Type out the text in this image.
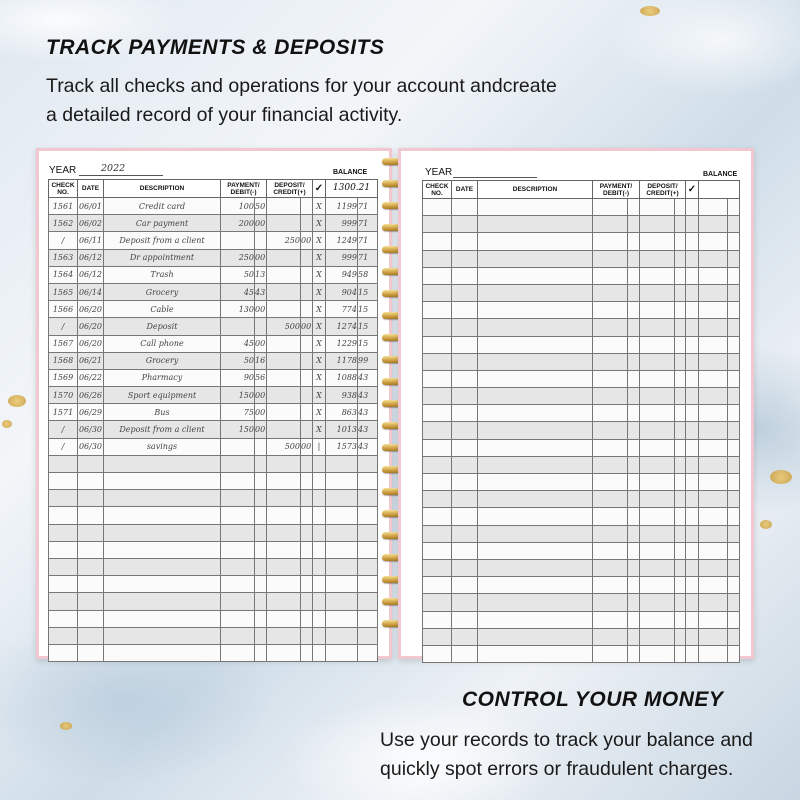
TRACK PAYMENTS & DEPOSITS
Track all checks and operations for your account andcreate
a detailed record of your financial activity.
YEAR	2022	BALANCE
CHECK NO.	DATE	DESCRIPTION	PAYMENT/ DEBIT(-)		DEPOSIT/ CREDIT(+)		✓	1300.21	
1561	06/01	Credit card	100	50			X	1199	71
1562	06/02	Car payment	200	00			X	999	71
/	06/11	Deposit from a client			250	00	X	1249	71
1563	06/12	Dr appointment	250	00			X	999	71
1564	06/12	Trash	50	13			X	949	58
1565	06/14	Grocery	45	43			X	904	15
1566	06/20	Cable	130	00			X	774	15
/	06/20	Deposit			500	00	X	1274	15
1567	06/20	Call phone	45	00			X	1229	15
1568	06/21	Grocery	50	16			X	1178	99
1569	06/22	Pharmacy	90	56			X	1088	43
1570	06/26	Sport equipment	150	00			X	938	43
1571	06/29	Bus	75	00			X	863	43
/	06/30	Deposit from a client	150	00			X	1013	43
/	06/30	savings			500	00	|	1573	43

YEAR	BALANCE
CHECK NO.	DATE	DESCRIPTION	PAYMENT/ DEBIT(-)		DEPOSIT/ CREDIT(+)		✓		

CONTROL YOUR MONEY
Use your records to track your balance and
quickly spot errors or fraudulent charges.
